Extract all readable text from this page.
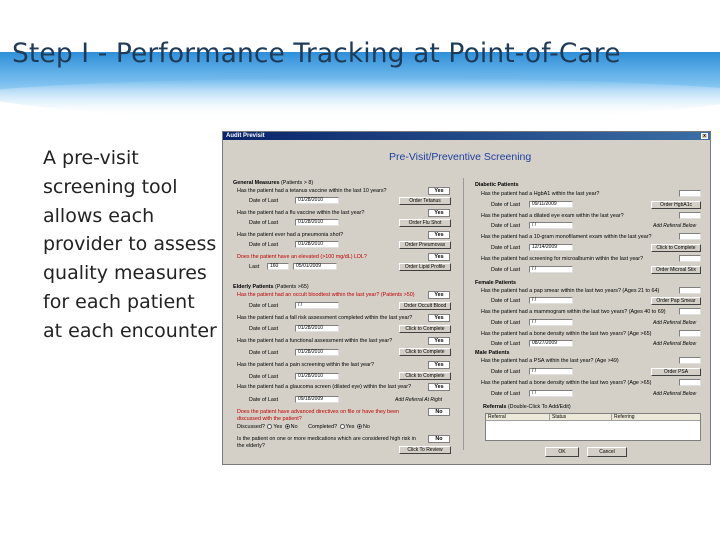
Step I - Performance Tracking at Point-of-Care
A pre-visit
screening tool
allows each
provider to assess
quality measures
for each patient
at each encounter
Audit Previsit	x
Pre-Visit/Preventive Screening
General Measures (Patients > 8)
Has the patient had a tetanus vaccine within the last 10 years?	Yes
Date of Last	01/28/2010	Order Tetanus
Has the patient had a flu vaccine within the last year?	Yes
Date of Last	01/28/2010	Order Flu Shot
Has the patient ever had a pneumonia shot?	Yes
Date of Last	01/28/2010	Order Pneumovax
Does the patient have an elevated (>100 mg/dL) LDL?	Yes
Last	160	05/01/2009	Order Lipid Profile
Elderly Patients (Patients >65)
Has the patient had an occult bloodtest within the last year? (Patients >50)	Yes
Date of Last	/ /	Order Occult Blood
Has the patient had a fall risk assessment completed within the last year?	Yes
Date of Last	01/28/2010	Click to Complete
Has the patient had a functional assessment within the last year?	Yes
Date of Last	01/28/2010	Click to Complete
Has the patient had a pain screening within the last year?	Yes
Date of Last	01/28/2010	Click to Complete
Has the patient had a glaucoma screen (dilated eye) within the last year?	Yes
Date of Last	09/18/2009	Add Referral At Right
Does the patient have advanced directives on file or have they been discussed with the patient?
No
Discussed? Yes No Completed? Yes No
Is the patient on one or more medications which are considered high risk in the elderly?
No
Click To Review
Diabetic Patients
Has the patient had a HgbA1 within the last year?
Date of Last	09/11/2009	Order HgbA1c
Has the patient had a dilated eye exam within the last year?
Date of Last	/ /	Add Referral Below
Has the patient had a 10-gram monofilament exam within the last year?
Date of Last	12/14/2009	Click to Complete
Has the patient had screening for microalbumin within the last year?
Date of Last	/ /	Order Microal Stix
Female Patients
Has the patient had a pap smear within the last two years? (Ages 21 to 64)
Date of Last	/ /	Order Pap Smear
Has the patient had a mammogram within the last two years? (Ages 40 to 69)
Date of Last	/ /	Add Referral Below
Has the patient had a bone density within the last two years? (Age >65)
Date of Last	08/27/2009	Add Referral Below
Male Patients
Has the patient had a PSA within the last year? (Age >49)
Date of Last	/ /	Order PSA
Has the patient had a bone density within the last two years? (Age >65)
Date of Last	/ /	Add Referral Below
Referrals (Double-Click To Add/Edit)
Referral	Status	Referring
OK	Cancel
